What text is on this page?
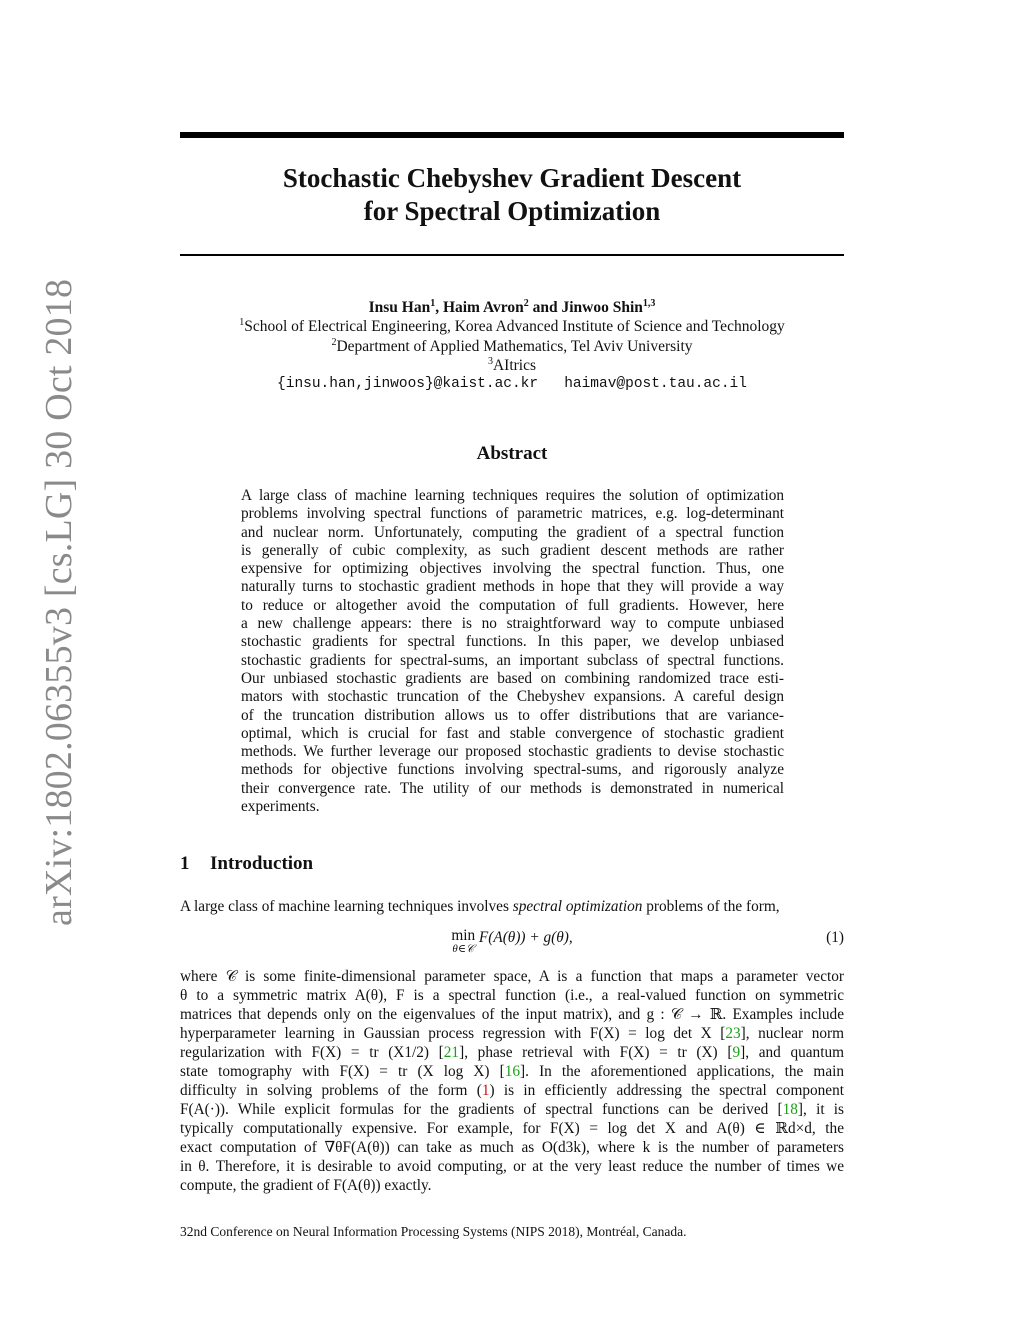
arXiv:1802.06355v3 [cs.LG] 30 Oct 2018
Stochastic Chebyshev Gradient Descent
for Spectral Optimization
Insu Han$^1$, Haim Avron$^2$ and Jinwoo Shin$^{1,3}$
$^1$School of Electrical Engineering, Korea Advanced Institute of Science and Technology
$^2$Department of Applied Mathematics, Tel Aviv University
$^3$AItrics
{insu.han,jinwoos}@kaist.ac.kr haimav@post.tau.ac.il
Abstract
A large class of machine learning techniques requires the solution of optimization
problems involving spectral functions of parametric matrices, e.g. log-determinant
and nuclear norm. Unfortunately, computing the gradient of a spectral function
is generally of cubic complexity, as such gradient descent methods are rather
expensive for optimizing objectives involving the spectral function. Thus, one
naturally turns to stochastic gradient methods in hope that they will provide a way
to reduce or altogether avoid the computation of full gradients. However, here
a new challenge appears: there is no straightforward way to compute unbiased
stochastic gradients for spectral functions. In this paper, we develop unbiased
stochastic gradients for spectral-sums, an important subclass of spectral functions.
Our unbiased stochastic gradients are based on combining randomized trace esti-
mators with stochastic truncation of the Chebyshev expansions. A careful design
of the truncation distribution allows us to offer distributions that are variance-
optimal, which is crucial for fast and stable convergence of stochastic gradient
methods. We further leverage our proposed stochastic gradients to devise stochastic
methods for objective functions involving spectral-sums, and rigorously analyze
their convergence rate. The utility of our methods is demonstrated in numerical
experiments.
1 Introduction
A large class of machine learning techniques involves spectral optimization problems of the form,
min
θ∈𝒞
F(A(θ)) + g(θ),	(1)
where 𝒞 is some finite-dimensional parameter space, A is a function that maps a parameter vector
θ to a symmetric matrix A(θ), F is a spectral function (i.e., a real-valued function on symmetric
matrices that depends only on the eigenvalues of the input matrix), and g : 𝒞 → ℝ. Examples include
hyperparameter learning in Gaussian process regression with F(X) = log det X [23], nuclear norm
regularization with F(X) = tr (X1/2) [21], phase retrieval with F(X) = tr (X) [9], and quantum
state tomography with F(X) = tr (X log X) [16]. In the aforementioned applications, the main
difficulty in solving problems of the form (1) is in efficiently addressing the spectral component
F(A(·)). While explicit formulas for the gradients of spectral functions can be derived [18], it is
typically computationally expensive. For example, for F(X) = log det X and A(θ) ∈ ℝd×d, the
exact computation of ∇θF(A(θ)) can take as much as O(d3k), where k is the number of parameters
in θ. Therefore, it is desirable to avoid computing, or at the very least reduce the number of times we
compute, the gradient of F(A(θ)) exactly.
32nd Conference on Neural Information Processing Systems (NIPS 2018), Montréal, Canada.
